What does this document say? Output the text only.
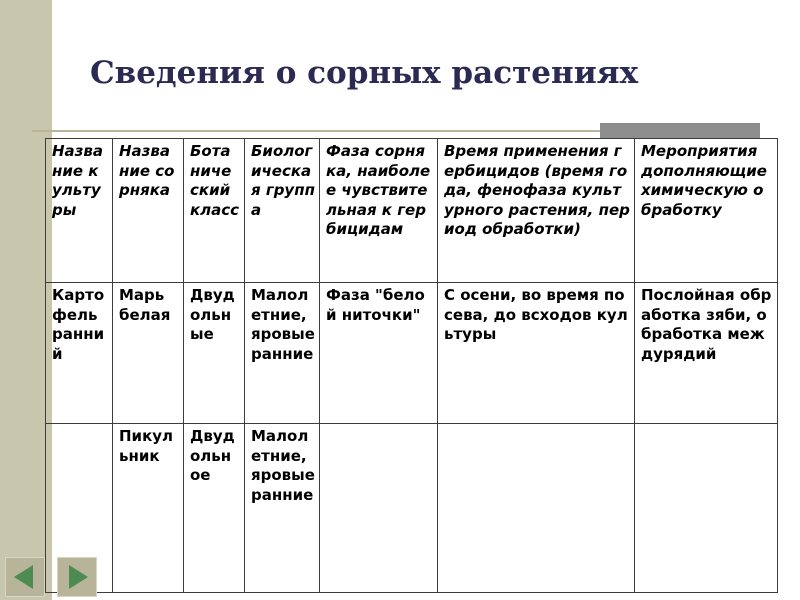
Сведения о сорных растениях
Название культуры	Название сорняка	Ботанический класс	Биологическая группа	Фаза сорняка, наиболее чувствительная к гербицидам	Время применения гербицидов (время года, фенофаза культурного растения, период обработки)	Мероприятия дополняющие химическую обработку
Картофель ранний	Марь белая	Двудольные	Малолетние, яровые ранние	Фаза "белой ниточки"	С осени, во время посева, до всходов культуры	Послойная обработка зяби, обработка междурядий
	Пикульник	Двудольное	Малолетние, яровые ранние			
